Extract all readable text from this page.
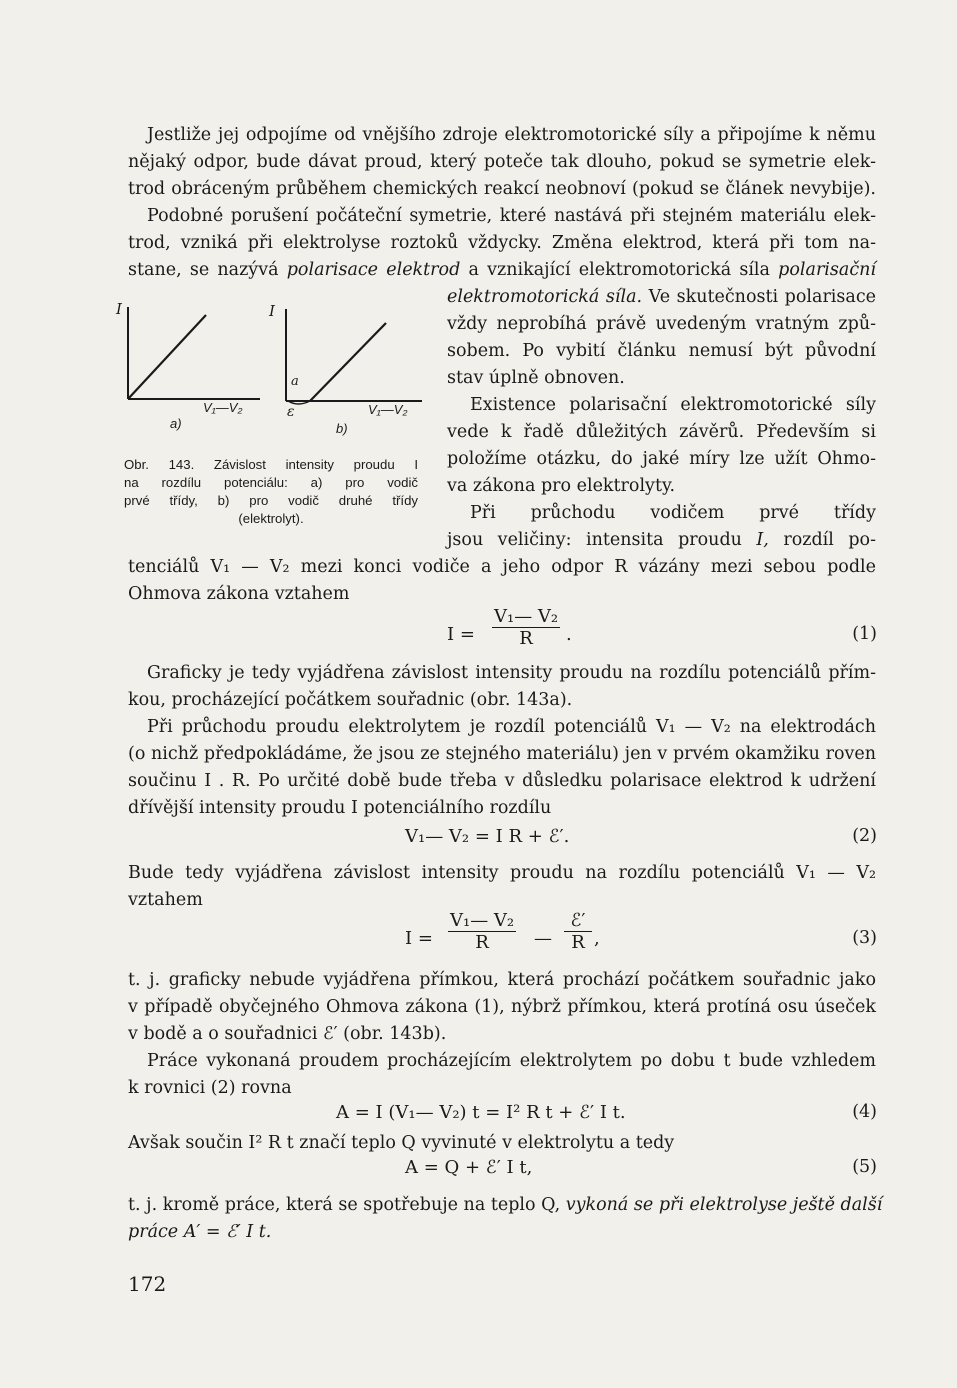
Jestliže jej odpojíme od vnějšího zdroje elektromotorické síly a připojíme k němu
nějaký odpor, bude dávat proud, který poteče tak dlouho, pokud se symetrie elek-
trod obráceným průběhem chemických reakcí neobnoví (pokud se článek nevybije).
Podobné porušení počáteční symetrie, které nastává při stejném materiálu elek-
trod, vzniká při elektrolyse roztoků vždycky. Změna elektrod, která při tom na-
stane, se nazývá polarisace elektrod a vznikající elektromotorická síla polarisační
elektromotorická síla. Ve skutečnosti polarisace
vždy neprobíhá právě uvedeným vratným způ-
sobem. Po vybití článku nemusí být původní
stav úplně obnoven.
Existence polarisační elektromotorické síly
vede k řadě důležitých závěrů. Především si
položíme otázku, do jaké míry lze užít Ohmo-
va zákona pro elektrolyty.
Při průchodu vodičem prvé třídy
jsou veličiny: intensita proudu I, rozdíl po-
tenciálů V₁ — V₂ mezi konci vodiče a jeho odpor R vázány mezi sebou podle
Ohmova zákona vztahem
I	I
a)	b)
V₁—V₂	V₁—V₂
ε
a
Obr. 143. Závislost intensity proudu I
na rozdílu potenciálu: a) pro vodič
prvé třídy, b) pro vodič druhé třídy
(elektrolyt).
I =
V₁— V₂
R	.	(1)
Graficky je tedy vyjádřena závislost intensity proudu na rozdílu potenciálů přím-
kou, procházející počátkem souřadnic (obr. 143a).
Při průchodu proudu elektrolytem je rozdíl potenciálů V₁ — V₂ na elektrodách
(o nichž předpokládáme, že jsou ze stejného materiálu) jen v prvém okamžiku roven
součinu I . R. Po určité době bude třeba v důsledku polarisace elektrod k udržení
dřívější intensity proudu I potenciálního rozdílu
V₁— V₂ = I R + ℰ′.	(2)
Bude tedy vyjádřena závislost intensity proudu na rozdílu potenciálů V₁ — V₂
vztahem
I =
V₁— V₂
R	—
ℰ′
R ,	(3)
t. j. graficky nebude vyjádřena přímkou, která prochází počátkem souřadnic jako
v případě obyčejného Ohmova zákona (1), nýbrž přímkou, která protíná osu úseček
v bodě a o souřadnici ℰ′ (obr. 143b).
Práce vykonaná proudem procházejícím elektrolytem po dobu t bude vzhledem
k rovnici (2) rovna
A = I (V₁— V₂) t = I² R t + ℰ′ I t.	(4)
Avšak součin I² R t značí teplo Q vyvinuté v elektrolytu a tedy
A = Q + ℰ′ I t,	(5)
t. j. kromě práce, která se spotřebuje na teplo Q, vykoná se při elektrolyse ještě další
práce A′ = ℰ′ I t.
172
